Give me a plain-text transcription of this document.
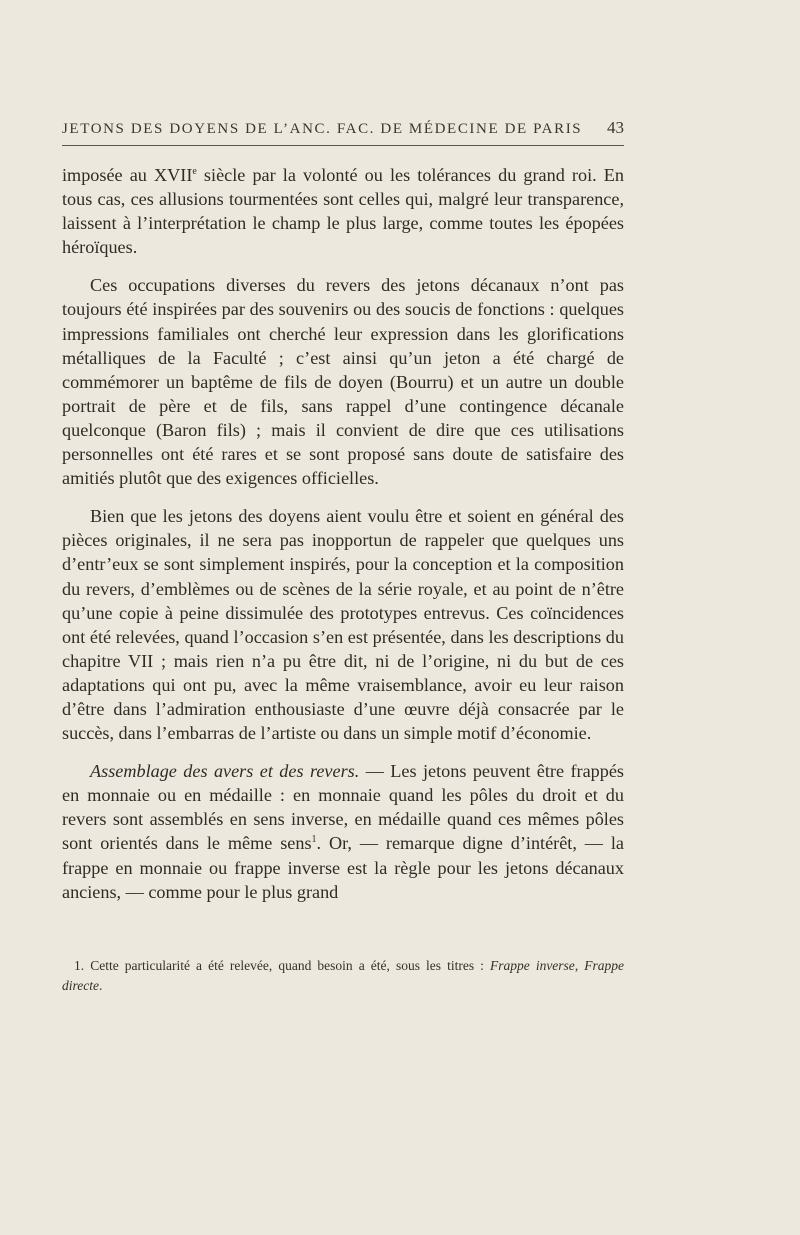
JETONS DES DOYENS DE L’ANC. FAC. DE MÉDECINE DE PARIS 43

imposée au XVIIe siècle par la volonté ou les tolérances du grand roi. En tous cas, ces allusions tourmentées sont celles qui, malgré leur transparence, laissent à l’interprétation le champ le plus large, comme toutes les épopées héroïques.

Ces occupations diverses du revers des jetons décanaux n’ont pas toujours été inspirées par des souvenirs ou des soucis de fonctions : quelques impressions familiales ont cherché leur expression dans les glorifications métalliques de la Faculté ; c’est ainsi qu’un jeton a été chargé de commémorer un baptême de fils de doyen (Bourru) et un autre un double portrait de père et de fils, sans rappel d’une contingence décanale quelconque (Baron fils) ; mais il convient de dire que ces utilisations personnelles ont été rares et se sont proposé sans doute de satisfaire des amitiés plutôt que des exigences officielles.

Bien que les jetons des doyens aient voulu être et soient en général des pièces originales, il ne sera pas inopportun de rappeler que quelques uns d’entr’eux se sont simplement inspirés, pour la conception et la composition du revers, d’emblèmes ou de scènes de la série royale, et au point de n’être qu’une copie à peine dissimulée des prototypes entrevus. Ces coïncidences ont été relevées, quand l’occasion s’en est présentée, dans les descriptions du chapitre VII ; mais rien n’a pu être dit, ni de l’origine, ni du but de ces adaptations qui ont pu, avec la même vraisemblance, avoir eu leur raison d’être dans l’admiration enthousiaste d’une œuvre déjà consacrée par le succès, dans l’embarras de l’artiste ou dans un simple motif d’économie.

Assemblage des avers et des revers. — Les jetons peuvent être frappés en monnaie ou en médaille : en monnaie quand les pôles du droit et du revers sont assemblés en sens inverse, en médaille quand ces mêmes pôles sont orientés dans le même sens$^1$. Or, — remarque digne d’intérêt, — la frappe en monnaie ou frappe inverse est la règle pour les jetons décanaux anciens, — comme pour le plus grand

1. Cette particularité a été relevée, quand besoin a été, sous les titres : Frappe inverse, Frappe directe.
